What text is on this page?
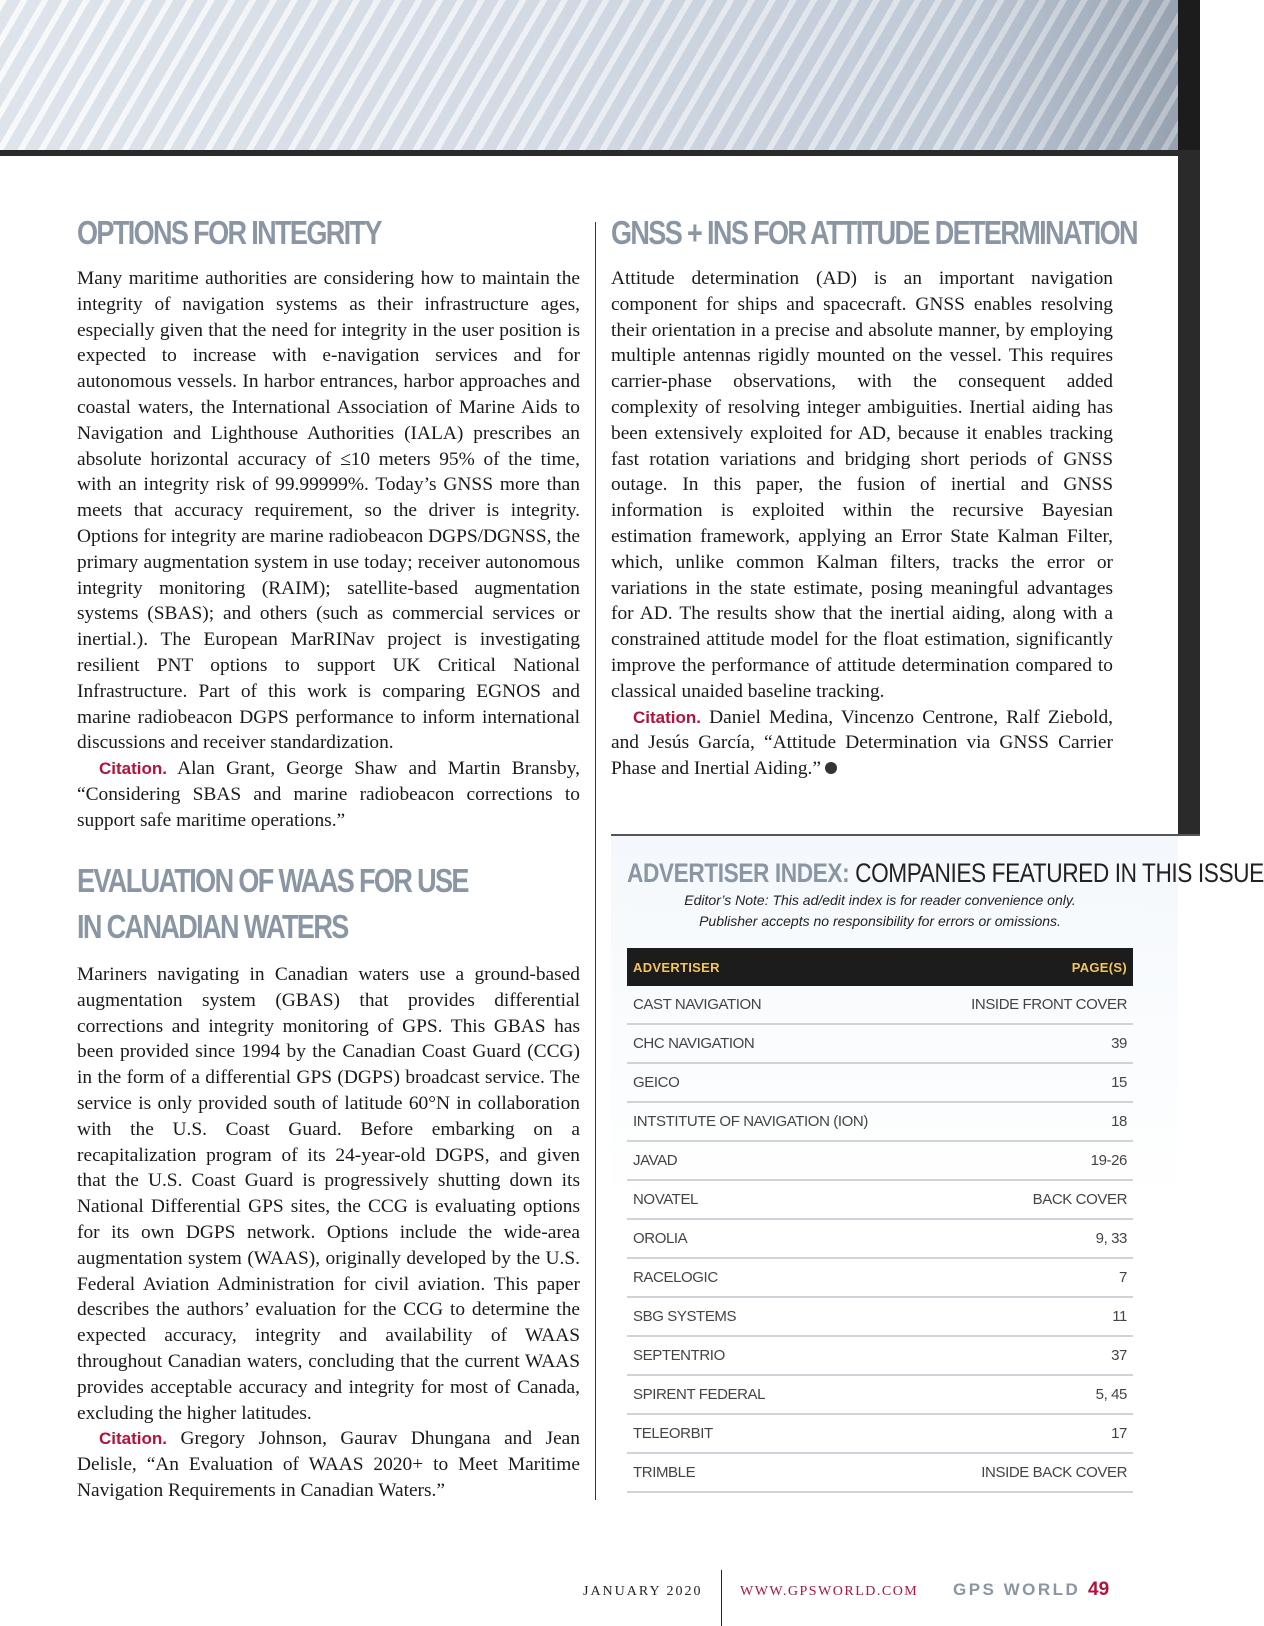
OPTIONS FOR INTEGRITY

Many maritime authorities are considering how to maintain the integrity of navigation systems as their infrastructure ages, especially given that the need for integrity in the user position is expected to increase with e-navigation services and for autonomous vessels. In harbor entrances, harbor approaches and coastal waters, the International Association of Marine Aids to Navigation and Lighthouse Authorities (IALA) prescribes an absolute horizontal accuracy of ≤10 meters 95% of the time, with an integrity risk of 99.99999%. Today’s GNSS more than meets that accuracy requirement, so the driver is integrity. Options for integrity are marine radiobeacon DGPS/DGNSS, the primary augmentation system in use today; receiver autonomous integrity monitoring (RAIM); satellite-based augmentation systems (SBAS); and others (such as commercial services or inertial.). The European MarRINav project is investigating resilient PNT options to support UK Critical National Infrastructure. Part of this work is comparing EGNOS and marine radiobeacon DGPS performance to inform international discussions and receiver standardization.
Citation. Alan Grant, George Shaw and Martin Bransby, “Considering SBAS and marine radiobeacon corrections to support safe maritime operations.”

EVALUATION OF WAAS FOR USE
IN CANADIAN WATERS

Mariners navigating in Canadian waters use a ground-based augmentation system (GBAS) that provides differential corrections and integrity monitoring of GPS. This GBAS has been provided since 1994 by the Canadian Coast Guard (CCG) in the form of a differential GPS (DGPS) broadcast service. The service is only provided south of latitude 60°N in collaboration with the U.S. Coast Guard. Before embarking on a recapitalization program of its 24-year-old DGPS, and given that the U.S. Coast Guard is progressively shutting down its National Differential GPS sites, the CCG is evaluating options for its own DGPS network. Options include the wide-area augmentation system (WAAS), originally developed by the U.S. Federal Aviation Administration for civil aviation. This paper describes the authors’ evaluation for the CCG to determine the expected accuracy, integrity and availability of WAAS throughout Canadian waters, concluding that the current WAAS provides acceptable accuracy and integrity for most of Canada, excluding the higher latitudes.
Citation. Gregory Johnson, Gaurav Dhungana and Jean Delisle, “An Evaluation of WAAS 2020+ to Meet Maritime Navigation Requirements in Canadian Waters.”

GNSS + INS FOR ATTITUDE DETERMINATION

Attitude determination (AD) is an important navigation component for ships and spacecraft. GNSS enables resolving their orientation in a precise and absolute manner, by employing multiple antennas rigidly mounted on the vessel. This requires carrier-phase observations, with the consequent added complexity of resolving integer ambiguities. Inertial aiding has been extensively exploited for AD, because it enables tracking fast rotation variations and bridging short periods of GNSS outage. In this paper, the fusion of inertial and GNSS information is exploited within the recursive Bayesian estimation framework, applying an Error State Kalman Filter, which, unlike common Kalman filters, tracks the error or variations in the state estimate, posing meaningful advantages for AD. The results show that the inertial aiding, along with a constrained attitude model for the float estimation, significantly improve the performance of attitude determination compared to classical unaided baseline tracking.
Citation. Daniel Medina, Vincenzo Centrone, Ralf Ziebold, and Jesús García, “Attitude Determination via GNSS Carrier Phase and Inertial Aiding.”

ADVERTISER INDEX: COMPANIES FEATURED IN THIS ISSUE
Editor’s Note: This ad/edit index is for reader convenience only.
Publisher accepts no responsibility for errors or omissions.
ADVERTISER	PAGE(S)
CAST NAVIGATION	INSIDE FRONT COVER
CHC NAVIGATION	39
GEICO	15
INTSTITUTE OF NAVIGATION (ION)	18
JAVAD	19-26
NOVATEL	BACK COVER
OROLIA	9, 33
RACELOGIC	7
SBG SYSTEMS	11
SEPTENTRIO	37
SPIRENT FEDERAL	5, 45
TELEORBIT	17
TRIMBLE	INSIDE BACK COVER
JANUARY 2020	WWW.GPSWORLD.COM GPS WORLD 49
